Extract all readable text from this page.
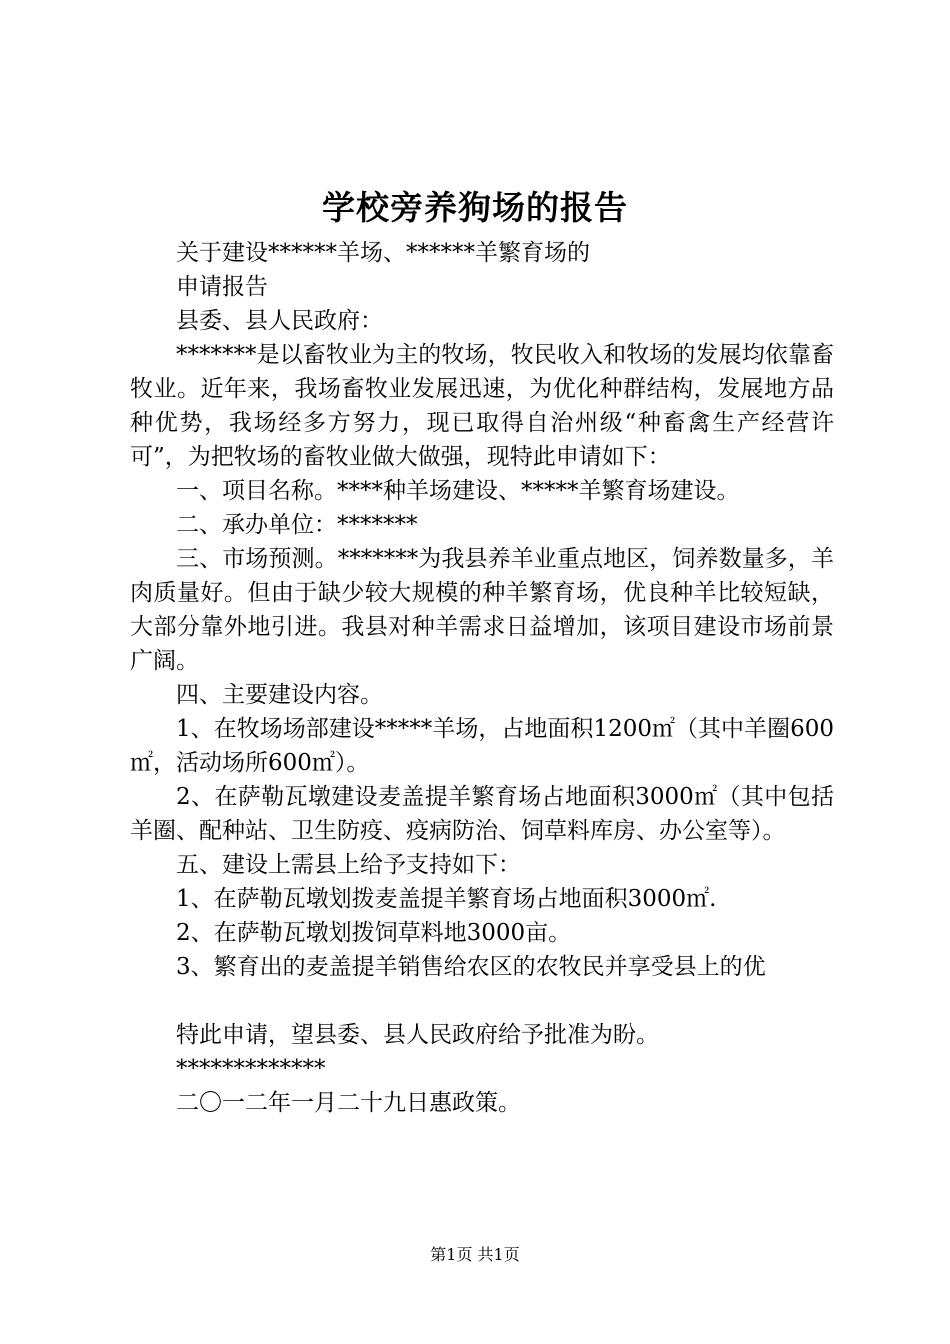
学校旁养狗场的报告

关于建设******羊场、******羊繁育场的

申请报告

县委、县人民政府：

*******是以畜牧业为主的牧场，牧民收入和牧场的发展均依靠畜牧业。近年来，我场畜牧业发展迅速，为优化种群结构，发展地方品种优势，我场经多方努力，现已取得自治州级“种畜禽生产经营许可”，为把牧场的畜牧业做大做强，现特此申请如下：

一、项目名称。****种羊场建设、*****羊繁育场建设。

二、承办单位：*******

三、市场预测。*******为我县养羊业重点地区，饲养数量多，羊肉质量好。但由于缺少较大规模的种羊繁育场，优良种羊比较短缺，大部分靠外地引进。我县对种羊需求日益增加，该项目建设市场前景广阔。

四、主要建设内容。

1、在牧场场部建设*****羊场，占地面积1200㎡（其中羊圈600㎡，活动场所600㎡）。

2、在萨勒瓦墩建设麦盖提羊繁育场占地面积3000㎡（其中包括羊圈、配种站、卫生防疫、疫病防治、饲草料库房、办公室等）。

五、建设上需县上给予支持如下：

1、在萨勒瓦墩划拨麦盖提羊繁育场占地面积3000㎡.

2、在萨勒瓦墩划拨饲草料地3000亩。

3、繁育出的麦盖提羊销售给农区的农牧民并享受县上的优

特此申请，望县委、县人民政府给予批准为盼。

*************

二〇一二年一月二十九日惠政策。

第1页 共1页
